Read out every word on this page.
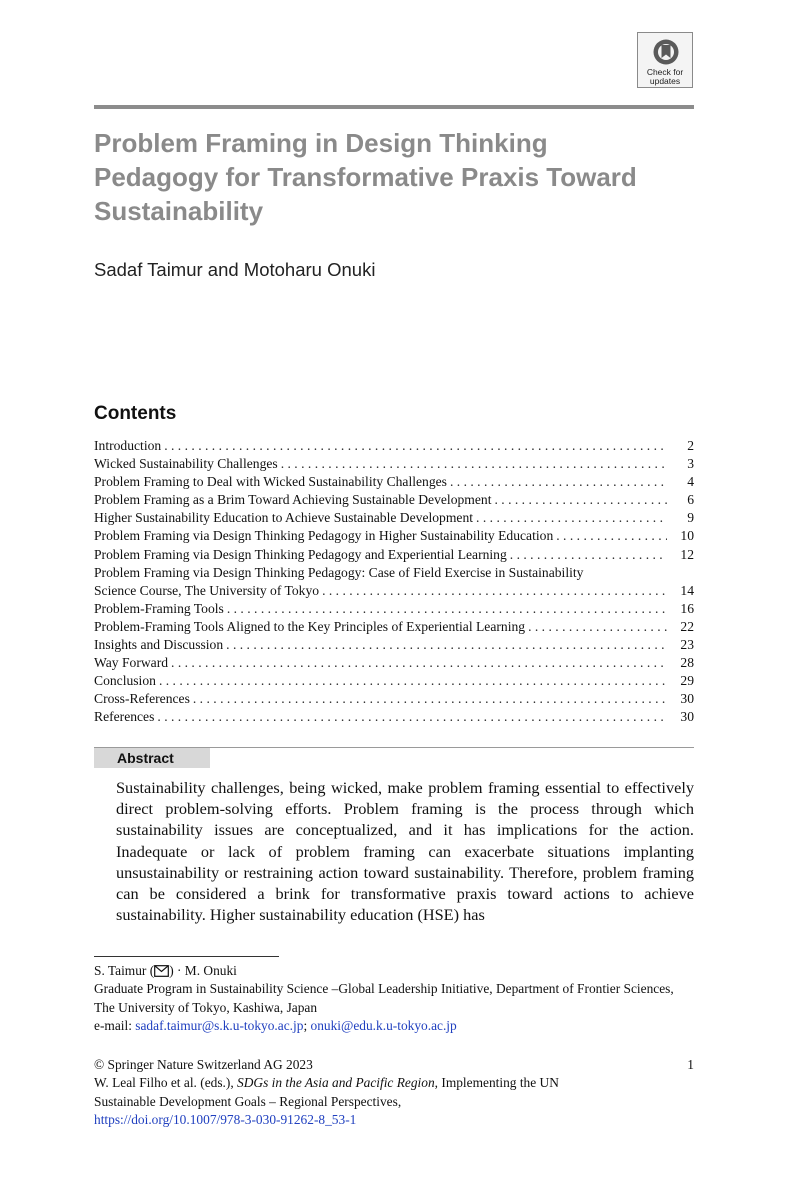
Check for
updates
Problem Framing in Design Thinking Pedagogy for Transformative Praxis Toward Sustainability

Sadaf Taimur and Motoharu Onuki

Contents
Introduction . . .	2
Wicked Sustainability Challenges . . .	3
Problem Framing to Deal with Wicked Sustainability Challenges . . .	4
Problem Framing as a Brim Toward Achieving Sustainable Development . . .	6
Higher Sustainability Education to Achieve Sustainable Development . . .	9
Problem Framing via Design Thinking Pedagogy in Higher Sustainability Education . . .	10
Problem Framing via Design Thinking Pedagogy and Experiential Learning . . .	12
Problem Framing via Design Thinking Pedagogy: Case of Field Exercise in Sustainability
Science Course, The University of Tokyo . . .	14
Problem-Framing Tools . . .	16
Problem-Framing Tools Aligned to the Key Principles of Experiential Learning . . .	22
Insights and Discussion . . .	23
Way Forward . . .	28
Conclusion . . .	29
Cross-References . . .	30
References . . .	30
Abstract

Sustainability challenges, being wicked, make problem framing essential to effectively direct problem-solving efforts. Problem framing is the process through which sustainability issues are conceptualized, and it has implications for the action. Inadequate or lack of problem framing can exacerbate situations implanting unsustainability or restraining action toward sustainability. Therefore, problem framing can be considered a brink for transformative praxis toward actions to achieve sustainability. Higher sustainability education (HSE) has

S. Taimur ( ) · M. Onuki
Graduate Program in Sustainability Science –Global Leadership Initiative, Department of Frontier Sciences, The University of Tokyo, Kashiwa, Japan
e-mail: sadaf.taimur@s.k.u-tokyo.ac.jp; onuki@edu.k.u-tokyo.ac.jp
© Springer Nature Switzerland AG 2023	1
W. Leal Filho et al. (eds.), SDGs in the Asia and Pacific Region, Implementing the UN
Sustainable Development Goals – Regional Perspectives,
https://doi.org/10.1007/978-3-030-91262-8_53-1
